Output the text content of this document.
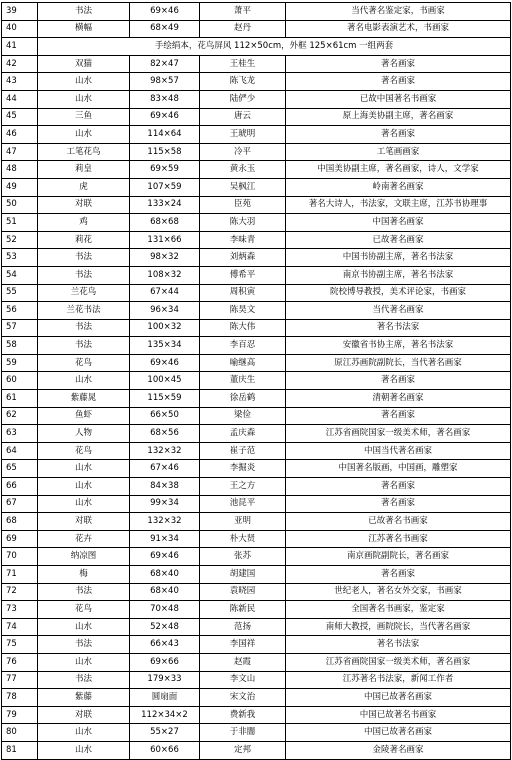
39	书法	69×46	萧平	当代著名鉴定家，书画家
40	横幅	68×49	赵丹	著名电影表演艺术，书画家
41	手绘绢本，花鸟屏风 112×50cm，外框 125×61cm 一组两套			
42	双猫	82×47	王桂生	著名画家
43	山水	98×57	陈飞龙	著名画家
44	山水	83×48	陆俨少	已故中国著名书画家
45	三鱼	69×46	唐云	原上海美协副主席，著名画家
46	山水	114×64	王琥明	著名画家
47	工笔花鸟	115×58	冷平	工笔画画家
48	莉皇	69×59	黄永玉	中国美协副主席，著名画家，诗人，文学家
49	虎	107×59	吴枫江	岭南著名画家
50	对联	133×24	臣苑	著名大诗人，书法家，文联主席，江苏书协理事
51	鸡	68×68	陈大羽	中国著名画家
52	莉花	131×66	李味青	已故著名画家
53	书法	98×32	刘炳森	中国书协副主席，著名书法家
54	书法	108×32	傅希平	南京书协副主席，著名书法家
55	兰花鸟	67×44	周积寅	院校博导教授，美术评论家，书画家
56	兰花书法	96×34	陈昊文	当代著名画家
57	书法	100×32	陈大伟	著名书法家
58	书法	135×34	李百忍	安徽省书协主席，著名书法家
59	花鸟	69×46	喻继高	原江苏画院副院长，当代著名画家
60	山水	100×45	董庆生	著名画家
61	紫藤晁	115×59	徐岳鹤	清朝著名画家
62	鱼虾	66×50	梁俭	著名画家
63	人物	68×56	孟庆森	江苏省画院国家一级美术师，著名画家
64	花鸟	132×32	崔子范	中国当代著名画家
65	山水	67×46	李掘炎	中国著名版画，中国画，雕塑家
66	山水	84×38	王之方	著名画家
67	山水	99×34	池昆平	著名画家
68	对联	132×32	亚明	已故著名书画家
69	花卉	91×34	朴大贤	江苏著名书画家
70	纳凉图	69×46	张苏	南京画院副院长，著名画家
71	梅	68×40	胡建国	著名画家
72	书法	68×40	袁晓园	世纪老人，著名女外交家，书画家
73	花鸟	70×48	陈新民	全国著名书画家，鉴定家
74	山水	52×48	范扬	南师大教授，画院院长，当代著名画家
75	书法	66×43	李国祥	著名书法家
76	山水	69×66	赵霞	江苏省画院国家一级美术师，著名画家
77	书法	179×33	李文山	江苏著名书法家，新闻工作者
78	紫藤	圆扇面	宋文治	中国已故著名画家
79	对联	112×34×2	费新我	中国已故著名书画家
80	山水	55×27	于非闇	中国已故著名画家
81	山水	60×66	定邦	金陵著名画家
